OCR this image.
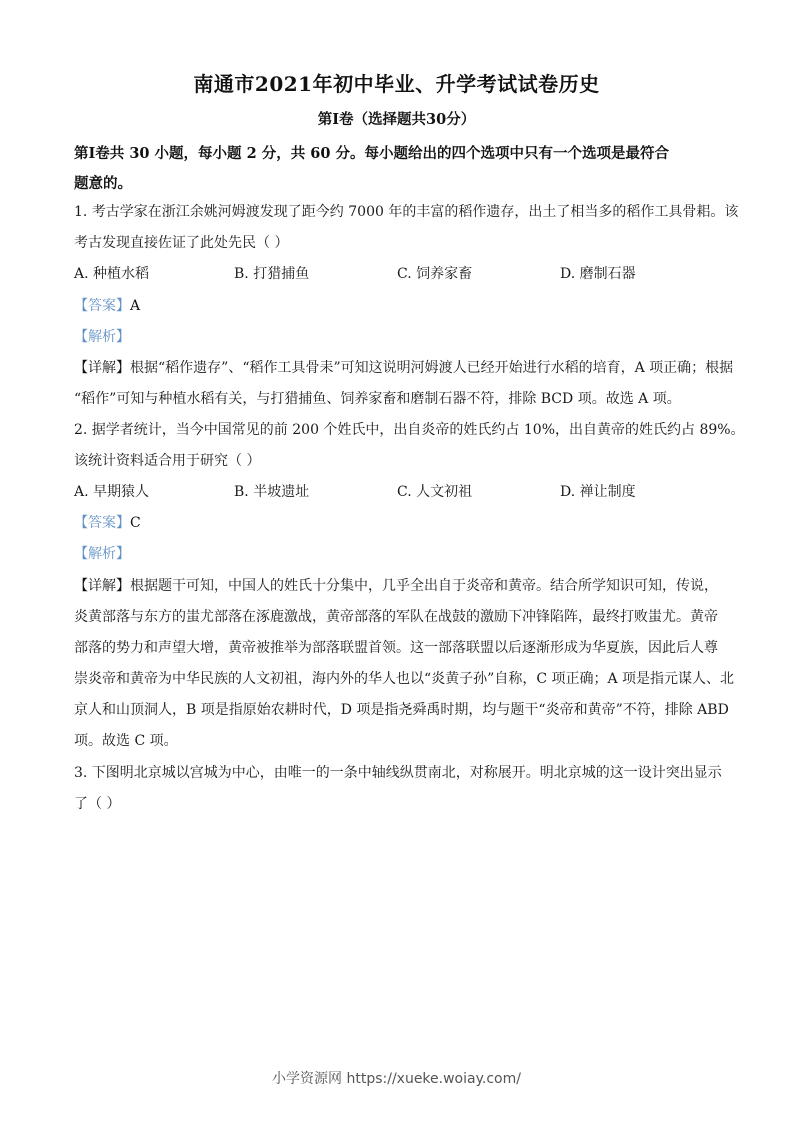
南通市2021年初中毕业、升学考试试卷历史
第Ⅰ卷（选择题共30分）
第Ⅰ卷共 30 小题，每小题 2 分，共 60 分。每小题给出的四个选项中只有一个选项是最符合
题意的。
1. 考古学家在浙江余姚河姆渡发现了距今约 7000 年的丰富的稻作遗存，出土了相当多的稻作工具骨耜。该
考古发现直接佐证了此处先民（ ）
A. 种植水稻	B. 打猎捕鱼	C. 饲养家畜	D. 磨制石器
【答案】A
【解析】
【详解】根据“稻作遗存”、“稻作工具骨耒”可知这说明河姆渡人已经开始进行水稻的培育，A 项正确；根据
“稻作”可知与种植水稻有关，与打猎捕鱼、饲养家畜和磨制石器不符，排除 BCD 项。故选 A 项。
2. 据学者统计，当今中国常见的前 200 个姓氏中，出自炎帝的姓氏约占 10%，出自黄帝的姓氏约占 89%。
该统计资料适合用于研究（ ）
A. 早期猿人	B. 半坡遗址	C. 人文初祖	D. 禅让制度
【答案】C
【解析】
【详解】根据题干可知，中国人的姓氏十分集中，几乎全出自于炎帝和黄帝。结合所学知识可知，传说，
炎黄部落与东方的蚩尤部落在涿鹿激战，黄帝部落的军队在战鼓的激励下冲锋陷阵，最终打败蚩尤。黄帝
部落的势力和声望大增，黄帝被推举为部落联盟首领。这一部落联盟以后逐渐形成为华夏族，因此后人尊
崇炎帝和黄帝为中华民族的人文初祖，海内外的华人也以“炎黄子孙”自称，C 项正确；A 项是指元谋人、北
京人和山顶洞人，B 项是指原始农耕时代，D 项是指尧舜禹时期，均与题干“炎帝和黄帝”不符，排除 ABD
项。故选 C 项。
3. 下图明北京城以宫城为中心，由唯一的一条中轴线纵贯南北，对称展开。明北京城的这一设计突出显示
了（ ）
小学资源网 https://xueke.woiay.com/
